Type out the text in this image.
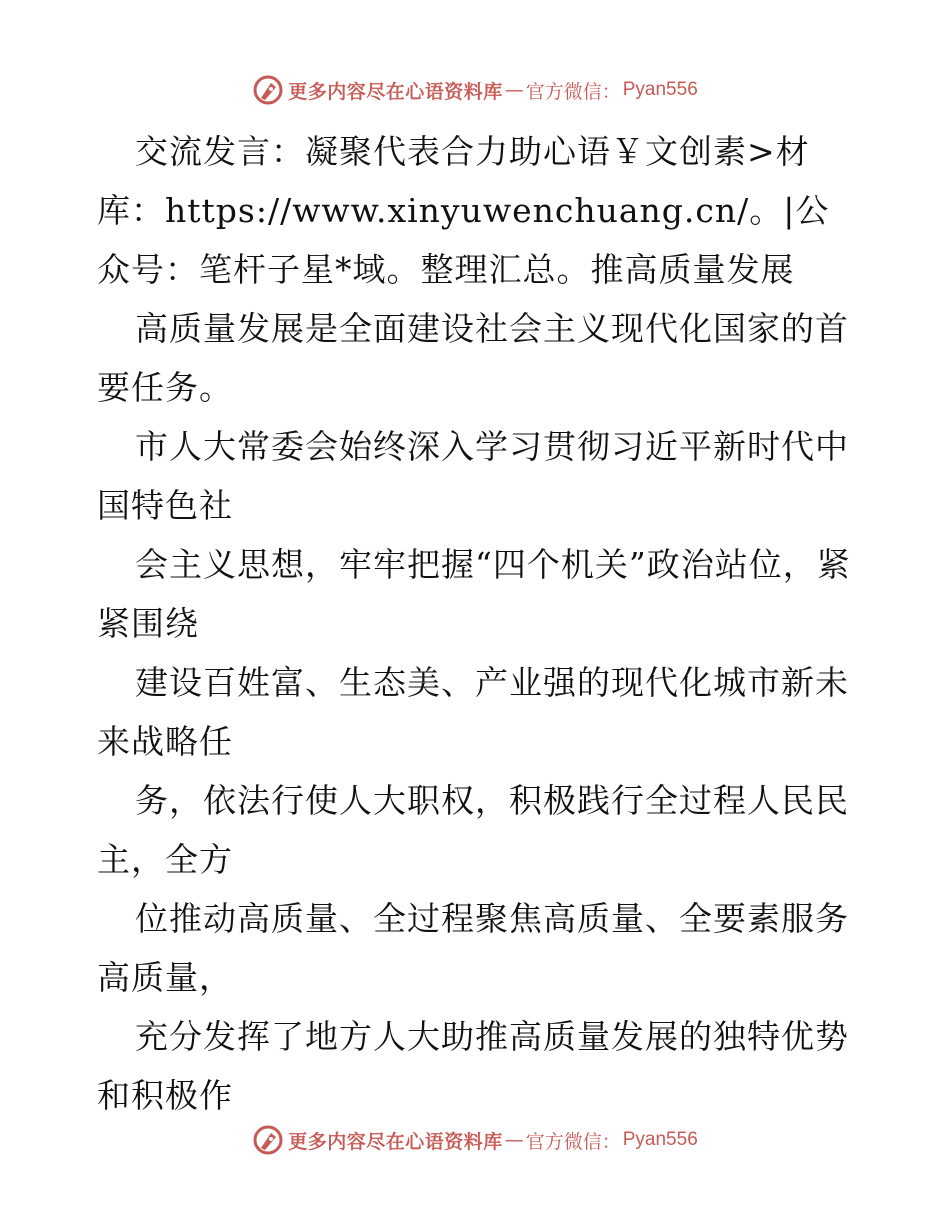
更多内容尽在心语资料库 — 官方微信： Pyan556

交流发言：凝聚代表合力助心语￥文创素>材库：https://www.xinyuwenchuang.cn/。|公众号：笔杆子星*域。整理汇总。推高质量发展

高质量发展是全面建设社会主义现代化国家的首要任务。

市人大常委会始终深入学习贯彻习近平新时代中国特色社

会主义思想，牢牢把握“四个机关”政治站位，紧紧围绕

建设百姓富、生态美、产业强的现代化城市新未来战略任

务，依法行使人大职权，积极践行全过程人民民主，全方

位推动高质量、全过程聚焦高质量、全要素服务高质量，

充分发挥了地方人大助推高质量发展的独特优势和积极作

更多内容尽在心语资料库 — 官方微信： Pyan556
